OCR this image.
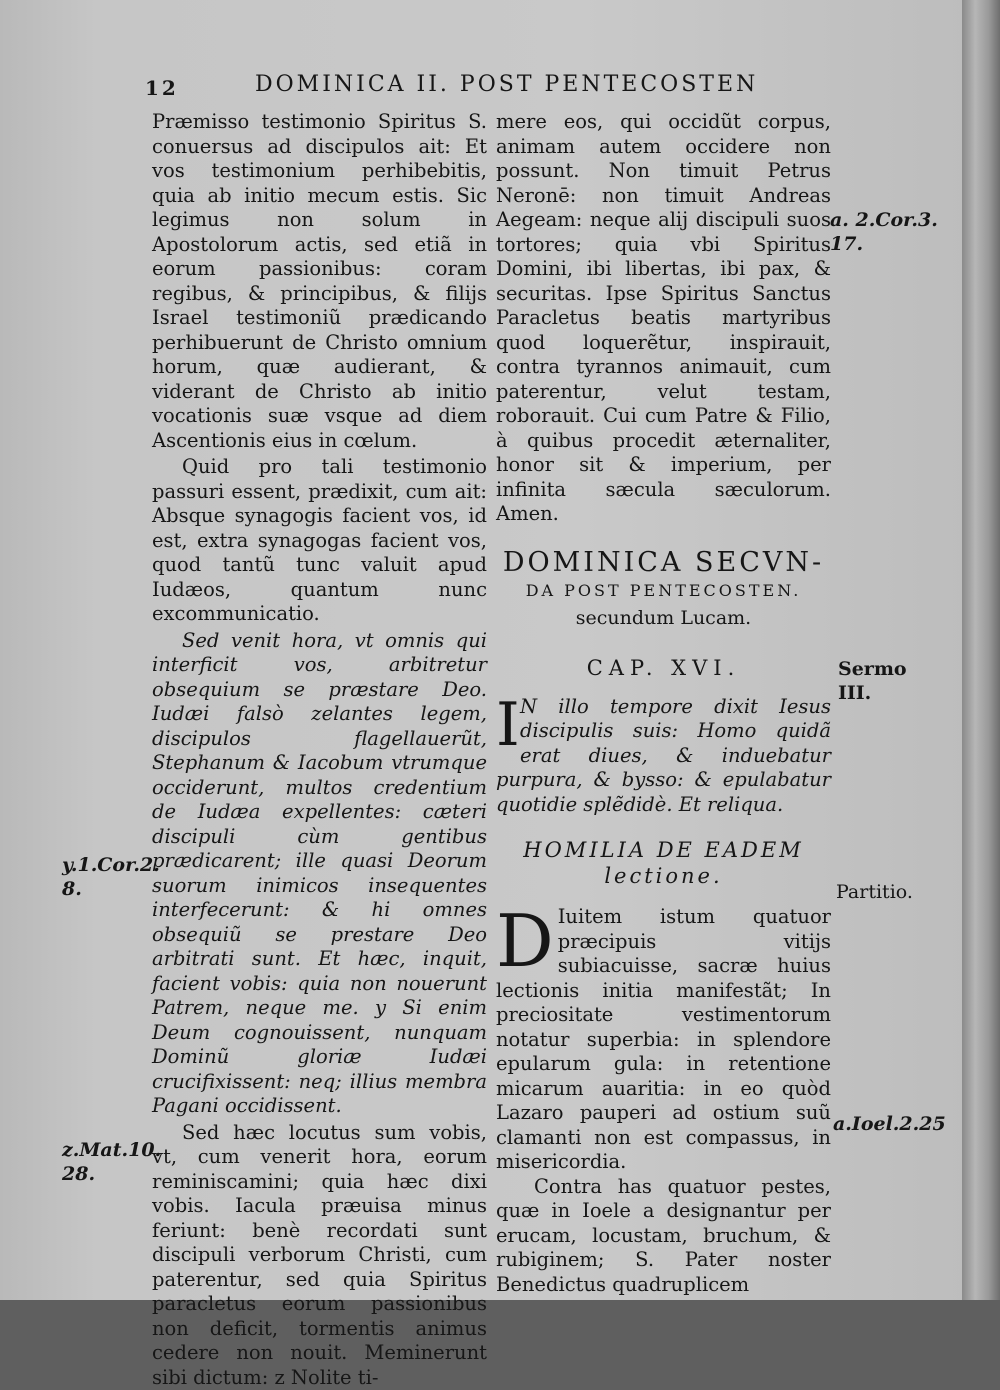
12	DOMINICA II. POST PENTECOSTEN

Præmisso testimonio Spiritus S. conuersus ad discipulos ait: Et vos testimonium perhibebitis, quia ab initio mecum estis. Sic legimus non solum in Apostolorum actis, sed etiã in eorum passionibus: coram regibus, & principibus, & filijs Israel testimoniũ prædicando perhibuerunt de Christo omnium horum, quæ audierant, & viderant de Christo ab initio vocationis suæ vsque ad diem Ascentionis eius in cœlum.

Quid pro tali testimonio passuri essent, prædixit, cum ait: Absque synagogis facient vos, id est, extra synagogas facient vos, quod tantũ tunc valuit apud Iudæos, quantum nunc excommunicatio.

Sed venit hora, vt omnis qui interficit vos, arbitretur obsequium se præstare Deo. Iudæi falsò zelantes legem, discipulos flagellauerũt, Stephanum & Iacobum vtrumque occiderunt, multos credentium de Iudæa expellentes: cæteri discipuli cùm gentibus prædicarent; ille quasi Deorum suorum inimicos insequentes interfecerunt: & hi omnes obsequiũ se prestare Deo arbitrati sunt. Et hæc, inquit, facient vobis: quia non nouerunt Patrem, neque me. y Si enim Deum cognouissent, nunquam Dominũ gloriæ Iudæi crucifixissent: neq; illius membra Pagani occidissent.

Sed hæc locutus sum vobis, vt, cum venerit hora, eorum reminiscamini; quia hæc dixi vobis. Iacula præuisa minus feriunt: benè recordati sunt discipuli verborum Christi, cum paterentur, sed quia Spiritus paracletus eorum passionibus non deficit, tormentis animus cedere non nouit. Meminerunt sibi dictum: z Nolite ti-

mere eos, qui occidũt corpus, animam autem occidere non possunt. Non timuit Petrus Neronē: non timuit Andreas Aegeam: neque alij discipuli suos tortores; quia vbi Spiritus Domini, ibi libertas, ibi pax, & securitas. Ipse Spiritus Sanctus Paracletus beatis martyribus quod loquerẽtur, inspirauit, contra tyrannos animauit, cum paterentur, velut testam, roborauit. Cui cum Patre & Filio, à quibus procedit æternaliter, honor sit & imperium, per infinita sæcula sæculorum. Amen.

DOMINICA SECVN-
DA POST PENTECOSTEN.
secundum Lucam.
CAP. XVI.
I N illo tempore dixit Iesus discipulis suis: Homo quidã erat diues, & induebatur purpura, & bysso: & epulabatur quotidie splẽdidè. Et reliqua.

HOMILIA DE EADEM lectione.
D Iuitem istum quatuor præcipuis vitijs subiacuisse, sacræ huius lectionis initia manifestãt; In preciositate vestimentorum notatur superbia: in splendore epularum gula: in retentione micarum auaritia: in eo quòd Lazaro pauperi ad ostium suũ clamanti non est compassus, in misericordia.

Contra has quatuor pestes, quæ in Ioele a designantur per erucam, locustam, bruchum, & rubiginem; S. Pater noster Benedictus quadruplicem

y.1.Cor.2.
8.
z.Mat.10.
28.
a. 2.Cor.3.
17.
Sermo
III.
Partitio.
a.Ioel.2.25
